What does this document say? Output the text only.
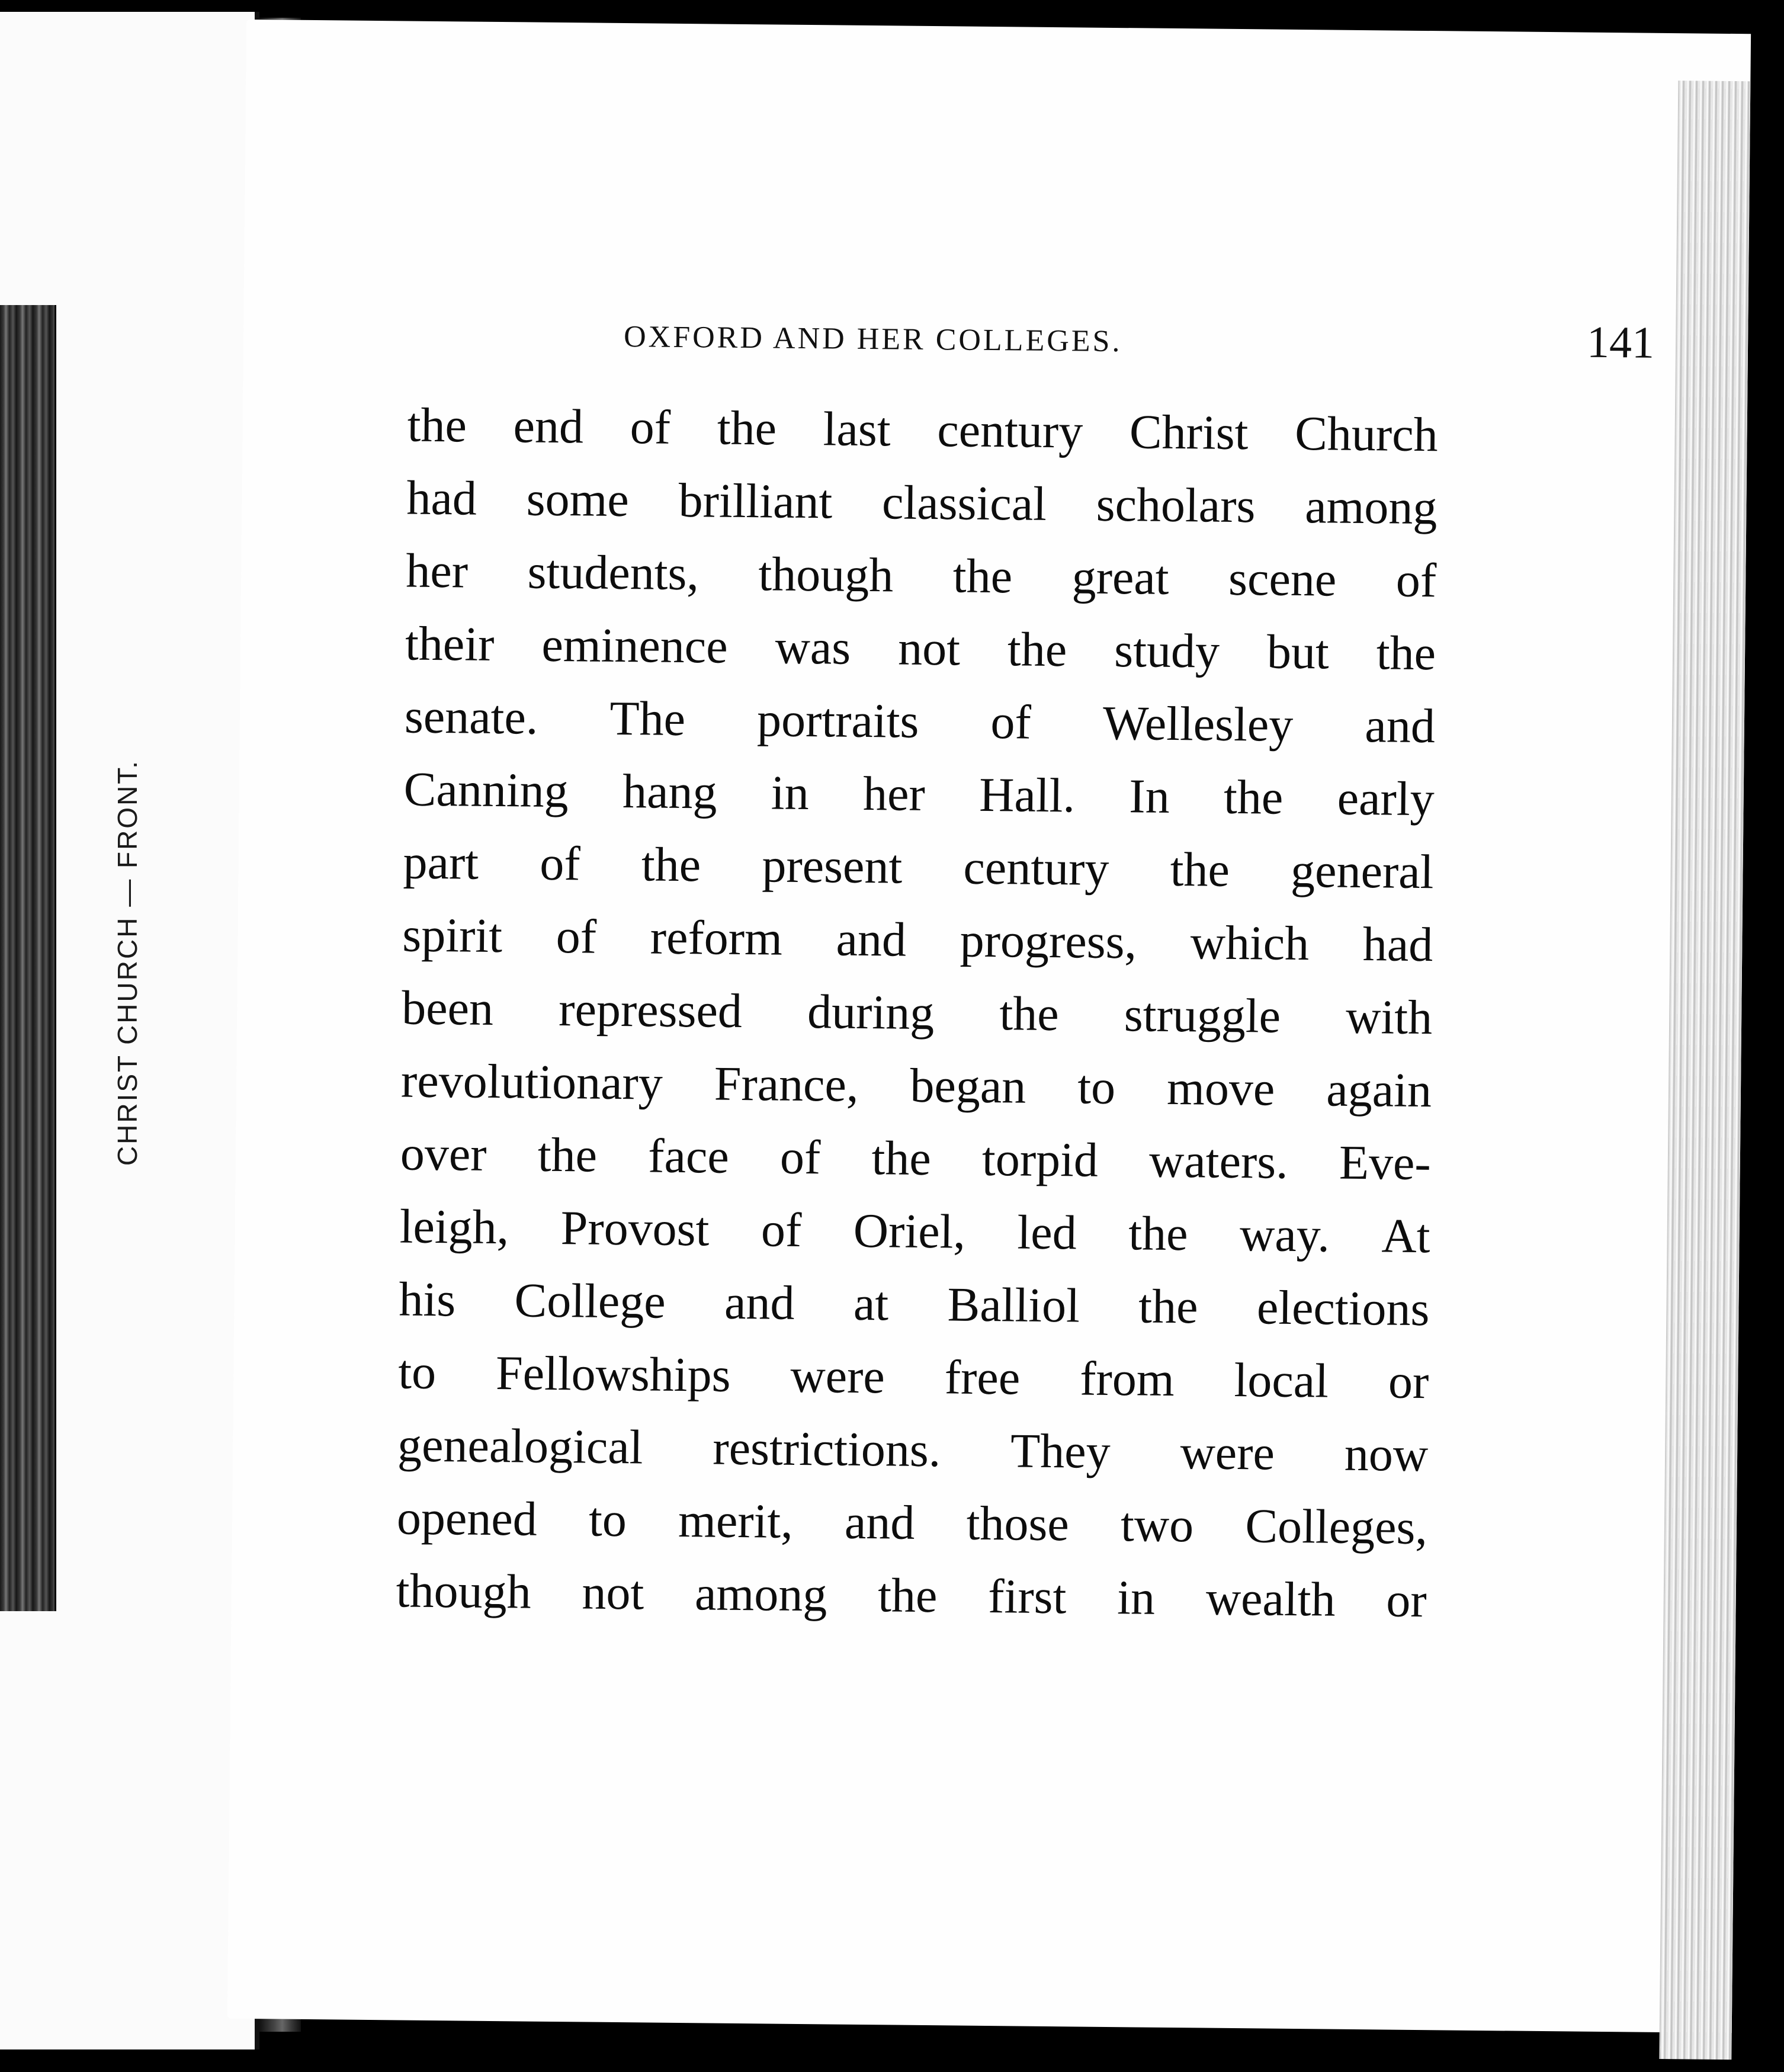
CHRIST CHURCH — FRONT.
OXFORD AND HER COLLEGES.	141
the end of the last century Christ Church
had some brilliant classical scholars among
her students, though the great scene of
their eminence was not the study but the
senate. The portraits of Wellesley and
Canning hang in her Hall. In the early
part of the present century the general
spirit of reform and progress, which had
been repressed during the struggle with
revolutionary France, began to move again
over the face of the torpid waters. Eve-
leigh, Provost of Oriel, led the way. At
his College and at Balliol the elections
to Fellowships were free from local or
genealogical restrictions. They were now
opened to merit, and those two Colleges,
though not among the first in wealth or
